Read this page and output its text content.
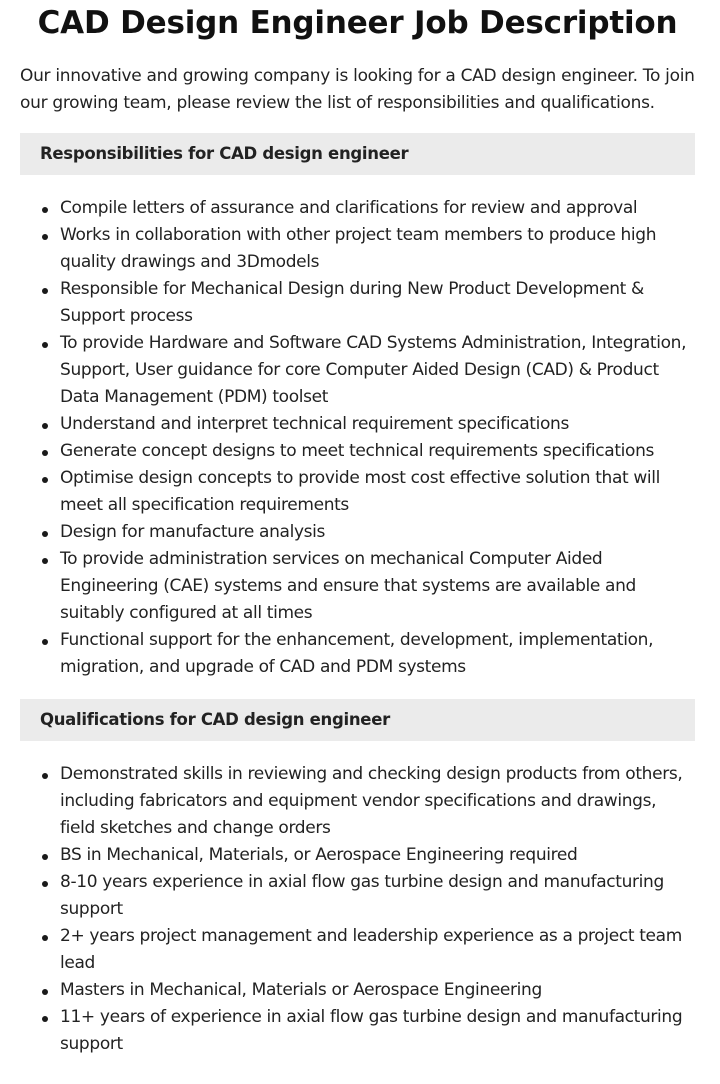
CAD Design Engineer Job Description

Our innovative and growing company is looking for a CAD design engineer. To join our growing team, please review the list of responsibilities and qualifications.

Responsibilities for CAD design engineer
Compile letters of assurance and clarifications for review and approval
Works in collaboration with other project team members to produce high quality drawings and 3Dmodels
Responsible for Mechanical Design during New Product Development & Support process
To provide Hardware and Software CAD Systems Administration, Integration, Support, User guidance for core Computer Aided Design (CAD) & Product Data Management (PDM) toolset
Understand and interpret technical requirement specifications
Generate concept designs to meet technical requirements specifications
Optimise design concepts to provide most cost effective solution that will meet all specification requirements
Design for manufacture analysis
To provide administration services on mechanical Computer Aided Engineering (CAE) systems and ensure that systems are available and suitably configured at all times
Functional support for the enhancement, development, implementation, migration, and upgrade of CAD and PDM systems
Qualifications for CAD design engineer
Demonstrated skills in reviewing and checking design products from others, including fabricators and equipment vendor specifications and drawings, field sketches and change orders
BS in Mechanical, Materials, or Aerospace Engineering required
8-10 years experience in axial flow gas turbine design and manufacturing support
2+ years project management and leadership experience as a project team lead
Masters in Mechanical, Materials or Aerospace Engineering
11+ years of experience in axial flow gas turbine design and manufacturing support
